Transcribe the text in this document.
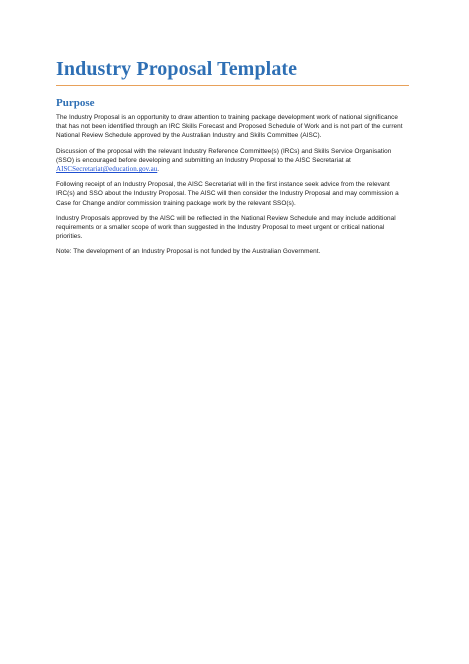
Industry Proposal Template
Purpose

The Industry Proposal is an opportunity to draw attention to training package development work of national significance that has not been identified through an IRC Skills Forecast and Proposed Schedule of Work and is not part of the current National Review Schedule approved by the Australian Industry and Skills Committee (AISC).

Discussion of the proposal with the relevant Industry Reference Committee(s) (IRCs) and Skills Service Organisation (SSO) is encouraged before developing and submitting an Industry Proposal to the AISC Secretariat at AISCSecretariat@education.gov.au.

Following receipt of an Industry Proposal, the AISC Secretariat will in the first instance seek advice from the relevant IRC(s) and SSO about the Industry Proposal. The AISC will then consider the Industry Proposal and may commission a Case for Change and/or commission training package work by the relevant SSO(s).

Industry Proposals approved by the AISC will be reflected in the National Review Schedule and may include additional requirements or a smaller scope of work than suggested in the Industry Proposal to meet urgent or critical national priorities.

Note: The development of an Industry Proposal is not funded by the Australian Government.
